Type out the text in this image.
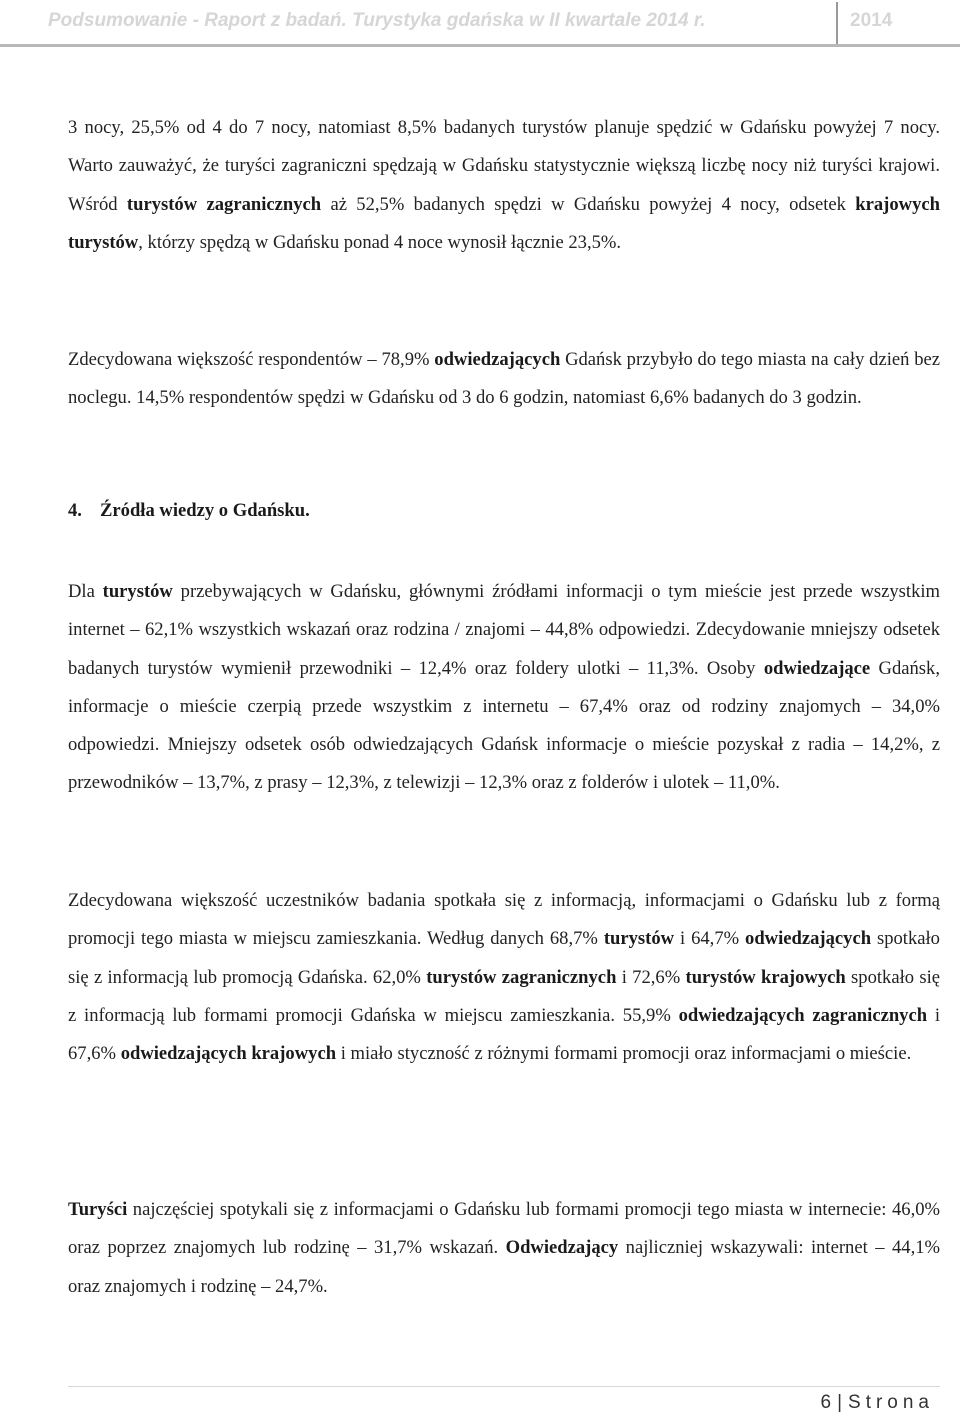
Podsumowanie - Raport z badań. Turystyka gdańska w II kwartale 2014 r.	2014

3 nocy, 25,5% od 4 do 7 nocy, natomiast 8,5% badanych turystów planuje spędzić w Gdańsku powyżej 7 nocy. Warto zauważyć, że turyści zagraniczni spędzają w Gdańsku statystycznie większą liczbę nocy niż turyści krajowi. Wśród turystów zagranicznych aż 52,5% badanych spędzi w Gdańsku powyżej 4 nocy, odsetek krajowych turystów, którzy spędzą w Gdańsku ponad 4 noce wynosił łącznie 23,5%.

Zdecydowana większość respondentów – 78,9% odwiedzających Gdańsk przybyło do tego miasta na cały dzień bez noclegu. 14,5% respondentów spędzi w Gdańsku od 3 do 6 godzin, natomiast 6,6% badanych do 3 godzin.

4. Źródła wiedzy o Gdańsku.

Dla turystów przebywających w Gdańsku, głównymi źródłami informacji o tym mieście jest przede wszystkim internet – 62,1% wszystkich wskazań oraz rodzina / znajomi – 44,8% odpowiedzi. Zdecydowanie mniejszy odsetek badanych turystów wymienił przewodniki – 12,4% oraz foldery ulotki – 11,3%. Osoby odwiedzające Gdańsk, informacje o mieście czerpią przede wszystkim z internetu – 67,4% oraz od rodziny znajomych – 34,0% odpowiedzi. Mniejszy odsetek osób odwiedzających Gdańsk informacje o mieście pozyskał z radia – 14,2%, z przewodników – 13,7%, z prasy – 12,3%, z telewizji – 12,3% oraz z folderów i ulotek – 11,0%.

Zdecydowana większość uczestników badania spotkała się z informacją, informacjami o Gdańsku lub z formą promocji tego miasta w miejscu zamieszkania. Według danych 68,7% turystów i 64,7% odwiedzających spotkało się z informacją lub promocją Gdańska. 62,0% turystów zagranicznych i 72,6% turystów krajowych spotkało się z informacją lub formami promocji Gdańska w miejscu zamieszkania. 55,9% odwiedzających zagranicznych i 67,6% odwiedzających krajowych i miało styczność z różnymi formami promocji oraz informacjami o mieście.

Turyści najczęściej spotykali się z informacjami o Gdańsku lub formami promocji tego miasta w internecie: 46,0% oraz poprzez znajomych lub rodzinę – 31,7% wskazań. Odwiedzający najliczniej wskazywali: internet – 44,1% oraz znajomych i rodzinę – 24,7%.

6 | Strona
